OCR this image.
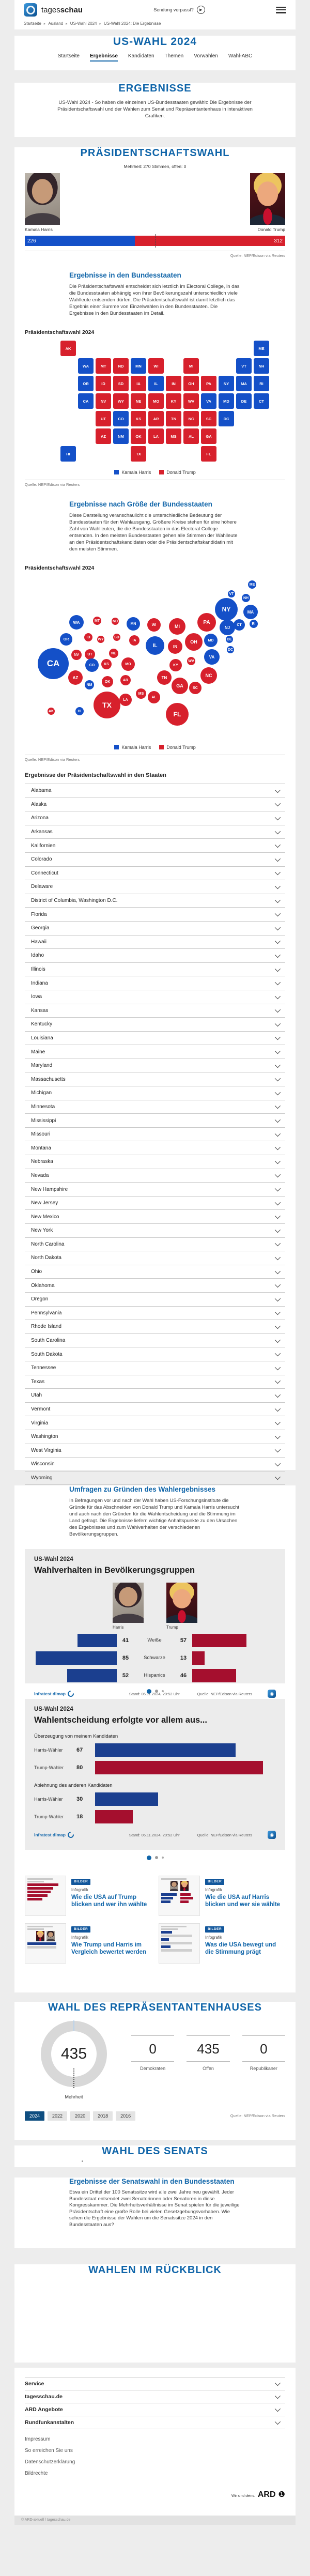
tagesschau	Sendung verpasst?	▶
Startseite ▸ Ausland ▸ US-Wahl 2024 ▸ US-Wahl 2024: Die Ergebnisse
US-WAHL 2024
Startseite Ergebnisse Kandidaten Themen Vorwahlen Wahl-ABC
ERGEBNISSE

US-Wahl 2024 - So haben die einzelnen US-Bundesstaaten gewählt: Die Ergebnisse der Präsidentschaftswahl und der Wahlen zum Senat und Repräsentantenhaus in interaktiven Grafiken.

PRÄSIDENTSCHAFTSWAHL
Mehrheit: 270 Stimmen, offen: 0
Kamala Harris	Donald Trump
226	312
Quelle: NEP/Edison via Reuters
Ergebnisse in den Bundesstaaten

Die Präsidentschaftswahl entscheidet sich letztlich im Electoral College, in das die Bundesstaaten abhängig von ihrer Bevölkerungszahl unterschiedlich viele Wahlleute entsenden dürfen. Die Präsidentschaftswahl ist damit letztlich das Ergebnis einer Summe von Einzelwahlen in den Bundesstaaten. Die Ergebnisse in den Bundesstaaten im Detail.

Präsidentschaftswahl 2024
AK	ME
WA	MT	ND	MN	WI	MI	VT	NH
OR	ID	SD	IA	IL	IN	OH	PA	NY	MA	RI
CA	NV	WY	NE	MO	KY	WV	VA	MD	DE	CT
UT	CO	KS	AR	TN	NC	SC	DC
AZ	NM	OK	LA	MS	AL	GA
HI	TX	FL
Kamala Harris	Donald Trump
Quelle: NEP/Edison via Reuters
Ergebnisse nach Größe der Bundesstaaten

Diese Darstellung veranschaulicht die unterschiedliche Bedeutung der Bundesstaaten für den Wahlausgang. Größere Kreise stehen für eine höhere Zahl von Wahlleuten, die die Bundesstaaten in das Electoral College entsenden. In den meisten Bundesstaaten gehen alle Stimmen der Wahlleute an den Präsidentschaftskandidaten oder die Präsidentschaftskandidatin mit den meisten Stimmen.

Präsidentschaftswahl 2024
ME
VT
NH
NY	MA
CT	RI
WA	MT	ND
MN	WI	MI
PA
NJ
OR
ID
WY
SD
IA
IL	IN
OH	MD	DE
NV	UT	NE
MO	KY
WV
VA
CA	CO	KS
AZ
NM
OK	AR
TN	NC
SC
GA
MS
AL
LA
TX
FL
AK	HI
DC
Kamala Harris	Donald Trump
Quelle: NEP/Edison via Reuters
Ergebnisse der Präsidentschaftswahl in den Staaten
Alabama
Alaska
Arizona
Arkansas
Kalifornien
Colorado
Connecticut
Delaware
District of Columbia, Washington D.C.
Florida
Georgia
Hawaii
Idaho
Illinois
Indiana
Iowa
Kansas
Kentucky
Louisiana
Maine
Maryland
Massachusetts
Michigan
Minnesota
Mississippi
Missouri
Montana
Nebraska
Nevada
New Hampshire
New Jersey
New Mexico
New York
North Carolina
North Dakota
Ohio
Oklahoma
Oregon
Pennsylvania
Rhode Island
South Carolina
South Dakota
Tennessee
Texas
Utah
Vermont
Virginia
Washington
West Virginia
Wisconsin
Wyoming
Umfragen zu Gründen des Wahlergebnisses

In Befragungen vor und nach der Wahl haben US-Forschungsinstitute die Gründe für das Abschneiden von Donald Trump und Kamala Harris untersucht und auch nach den Gründen für die Wahlentscheidung und die Stimmung im Land gefragt. Die Ergebnisse liefern wichtige Anhaltspunkte zu den Ursachen des Ergebnisses und zum Wahlverhalten der verschiedenen Bevölkerungsgruppen.

US-Wahl 2024
Wahlverhalten in Bevölkerungsgruppen
Harris	Trump
41	Weiße	57
85	Schwarze	13
52	Hispanics	46
infratest dimap	Stand: 06.11.2024, 20:52 Uhr	Quelle: NEP/Edison via Reuters	◉
US-Wahl 2024
Wahlentscheidung erfolgte vor allem aus...
Überzeugung von meinem Kandidaten
Harris-Wähler	67
Trump-Wähler	80
Ablehnung des anderen Kandidaten
Harris-Wähler	30
Trump-Wähler	18
infratest dimap	Stand: 06.11.2024, 20:52 Uhr	Quelle: NEP/Edison via Reuters	◉
BILDER
Infografik
Wie die USA auf Trump blicken und wer ihn wählte
BILDER
Infografik
Wie die USA auf Harris blicken und wer sie wählte
BILDER
Infografik
Wie Trump und Harris im Vergleich bewertet werden
BILDER
Infografik
Was die USA bewegt und die Stimmung prägt
WAHL DES REPRÄSENTANTENHAUSES
435
Mehrheit
0
Demokraten
435
Offen
0
Republikaner
2024	2022	2020	2018	2016	Quelle: NEP/Edison via Reuters
WAHL DES SENATS
Ergebnisse der Senatswahl in den Bundesstaaten

Etwa ein Drittel der 100 Senatssitze wird alle zwei Jahre neu gewählt. Jeder Bundesstaat entsendet zwei Senatorinnen oder Senatoren in diese Kongresskammer. Die Mehrheitsverhältnisse im Senat spielen für die jeweilige Präsidentschaft eine große Rolle bei vielen Gesetzgebungsvorhaben. Wie sehen die Ergebnisse der Wahlen um die Senatssitze 2024 in den Bundesstaaten aus?

WAHLEN IM RÜCKBLICK
Service
tagesschau.de
ARD Angebote
Rundfunkanstalten
Impressum
So erreichen Sie uns
Datenschutzerklärung
Bildrechte
Wir sind deins. ARD ❶
© ARD-aktuell / tagesschau.de
